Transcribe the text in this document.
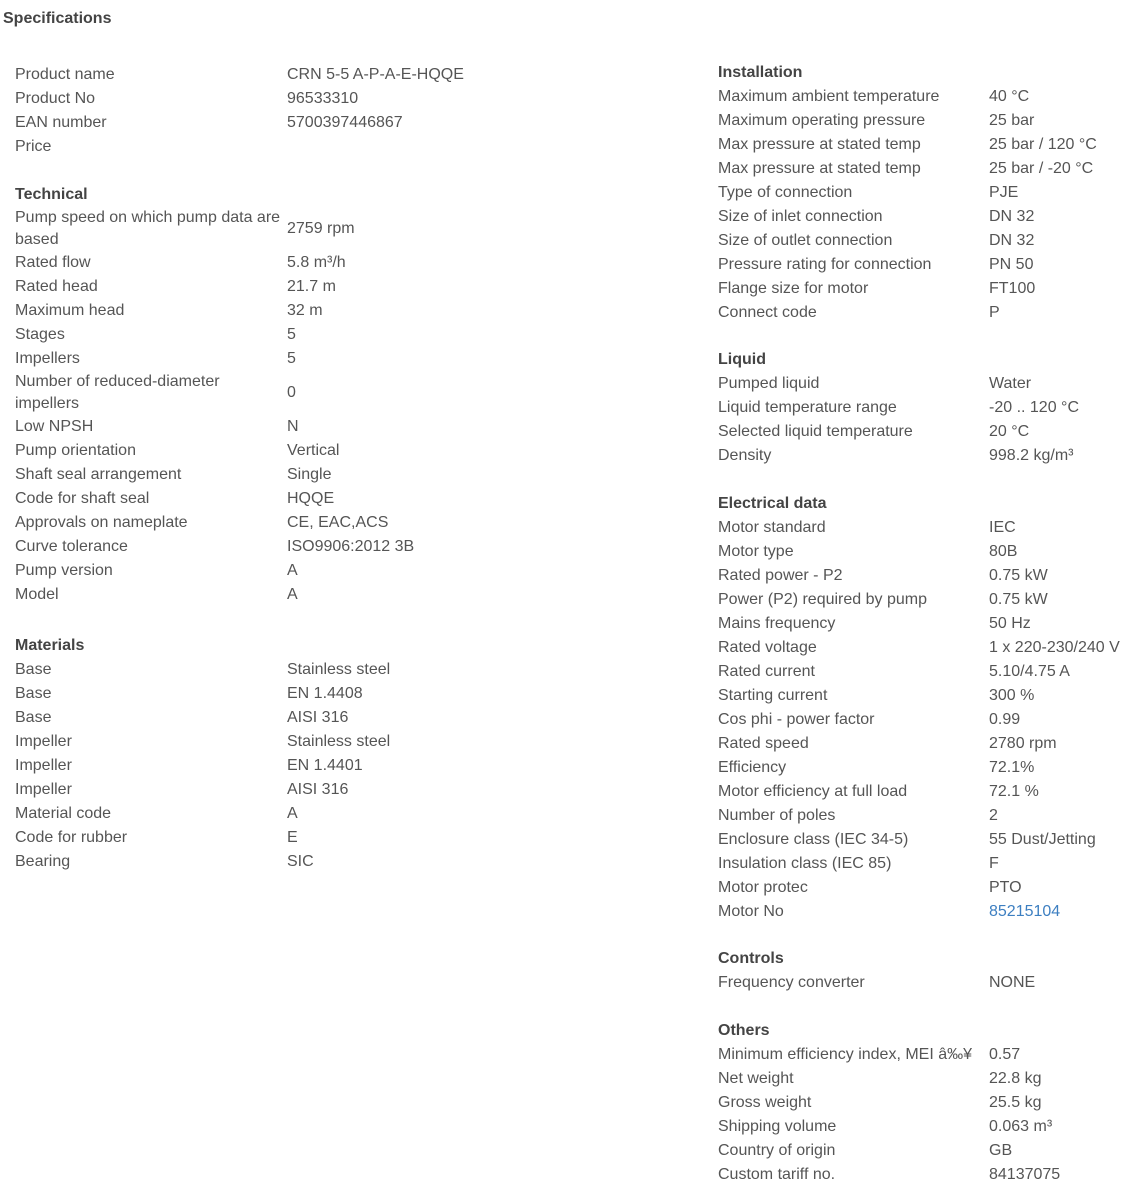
Specifications
Product name	CRN 5-5 A-P-A-E-HQQE
Product No	96533310
EAN number	5700397446867
Price	
Technical
Pump speed on which pump data are based	2759 rpm
Rated flow	5.8 m³/h
Rated head	21.7 m
Maximum head	32 m
Stages	5
Impellers	5
Number of reduced-diameter impellers	0
Low NPSH	N
Pump orientation	Vertical
Shaft seal arrangement	Single
Code for shaft seal	HQQE
Approvals on nameplate	CE, EAC,ACS
Curve tolerance	ISO9906:2012 3B
Pump version	A
Model	A
Materials
Base	Stainless steel
Base	EN 1.4408
Base	AISI 316
Impeller	Stainless steel
Impeller	EN 1.4401
Impeller	AISI 316
Material code	A
Code for rubber	E
Bearing	SIC
Installation
Maximum ambient temperature	40 °C
Maximum operating pressure	25 bar
Max pressure at stated temp	25 bar / 120 °C
Max pressure at stated temp	25 bar / -20 °C
Type of connection	PJE
Size of inlet connection	DN 32
Size of outlet connection	DN 32
Pressure rating for connection	PN 50
Flange size for motor	FT100
Connect code	P
Liquid
Pumped liquid	Water
Liquid temperature range	-20 .. 120 °C
Selected liquid temperature	20 °C
Density	998.2 kg/m³
Electrical data
Motor standard	IEC
Motor type	80B
Rated power - P2	0.75 kW
Power (P2) required by pump	0.75 kW
Mains frequency	50 Hz
Rated voltage	1 x 220-230/240 V
Rated current	5.10/4.75 A
Starting current	300 %
Cos phi - power factor	0.99
Rated speed	2780 rpm
Efficiency	72.1%
Motor efficiency at full load	72.1 %
Number of poles	2
Enclosure class (IEC 34-5)	55 Dust/Jetting
Insulation class (IEC 85)	F
Motor protec	PTO
Motor No	85215104
Controls
Frequency converter	NONE
Others
Minimum efficiency index, MEI â‰¥	0.57
Net weight	22.8 kg
Gross weight	25.5 kg
Shipping volume	0.063 m³
Country of origin	GB
Custom tariff no.	84137075
